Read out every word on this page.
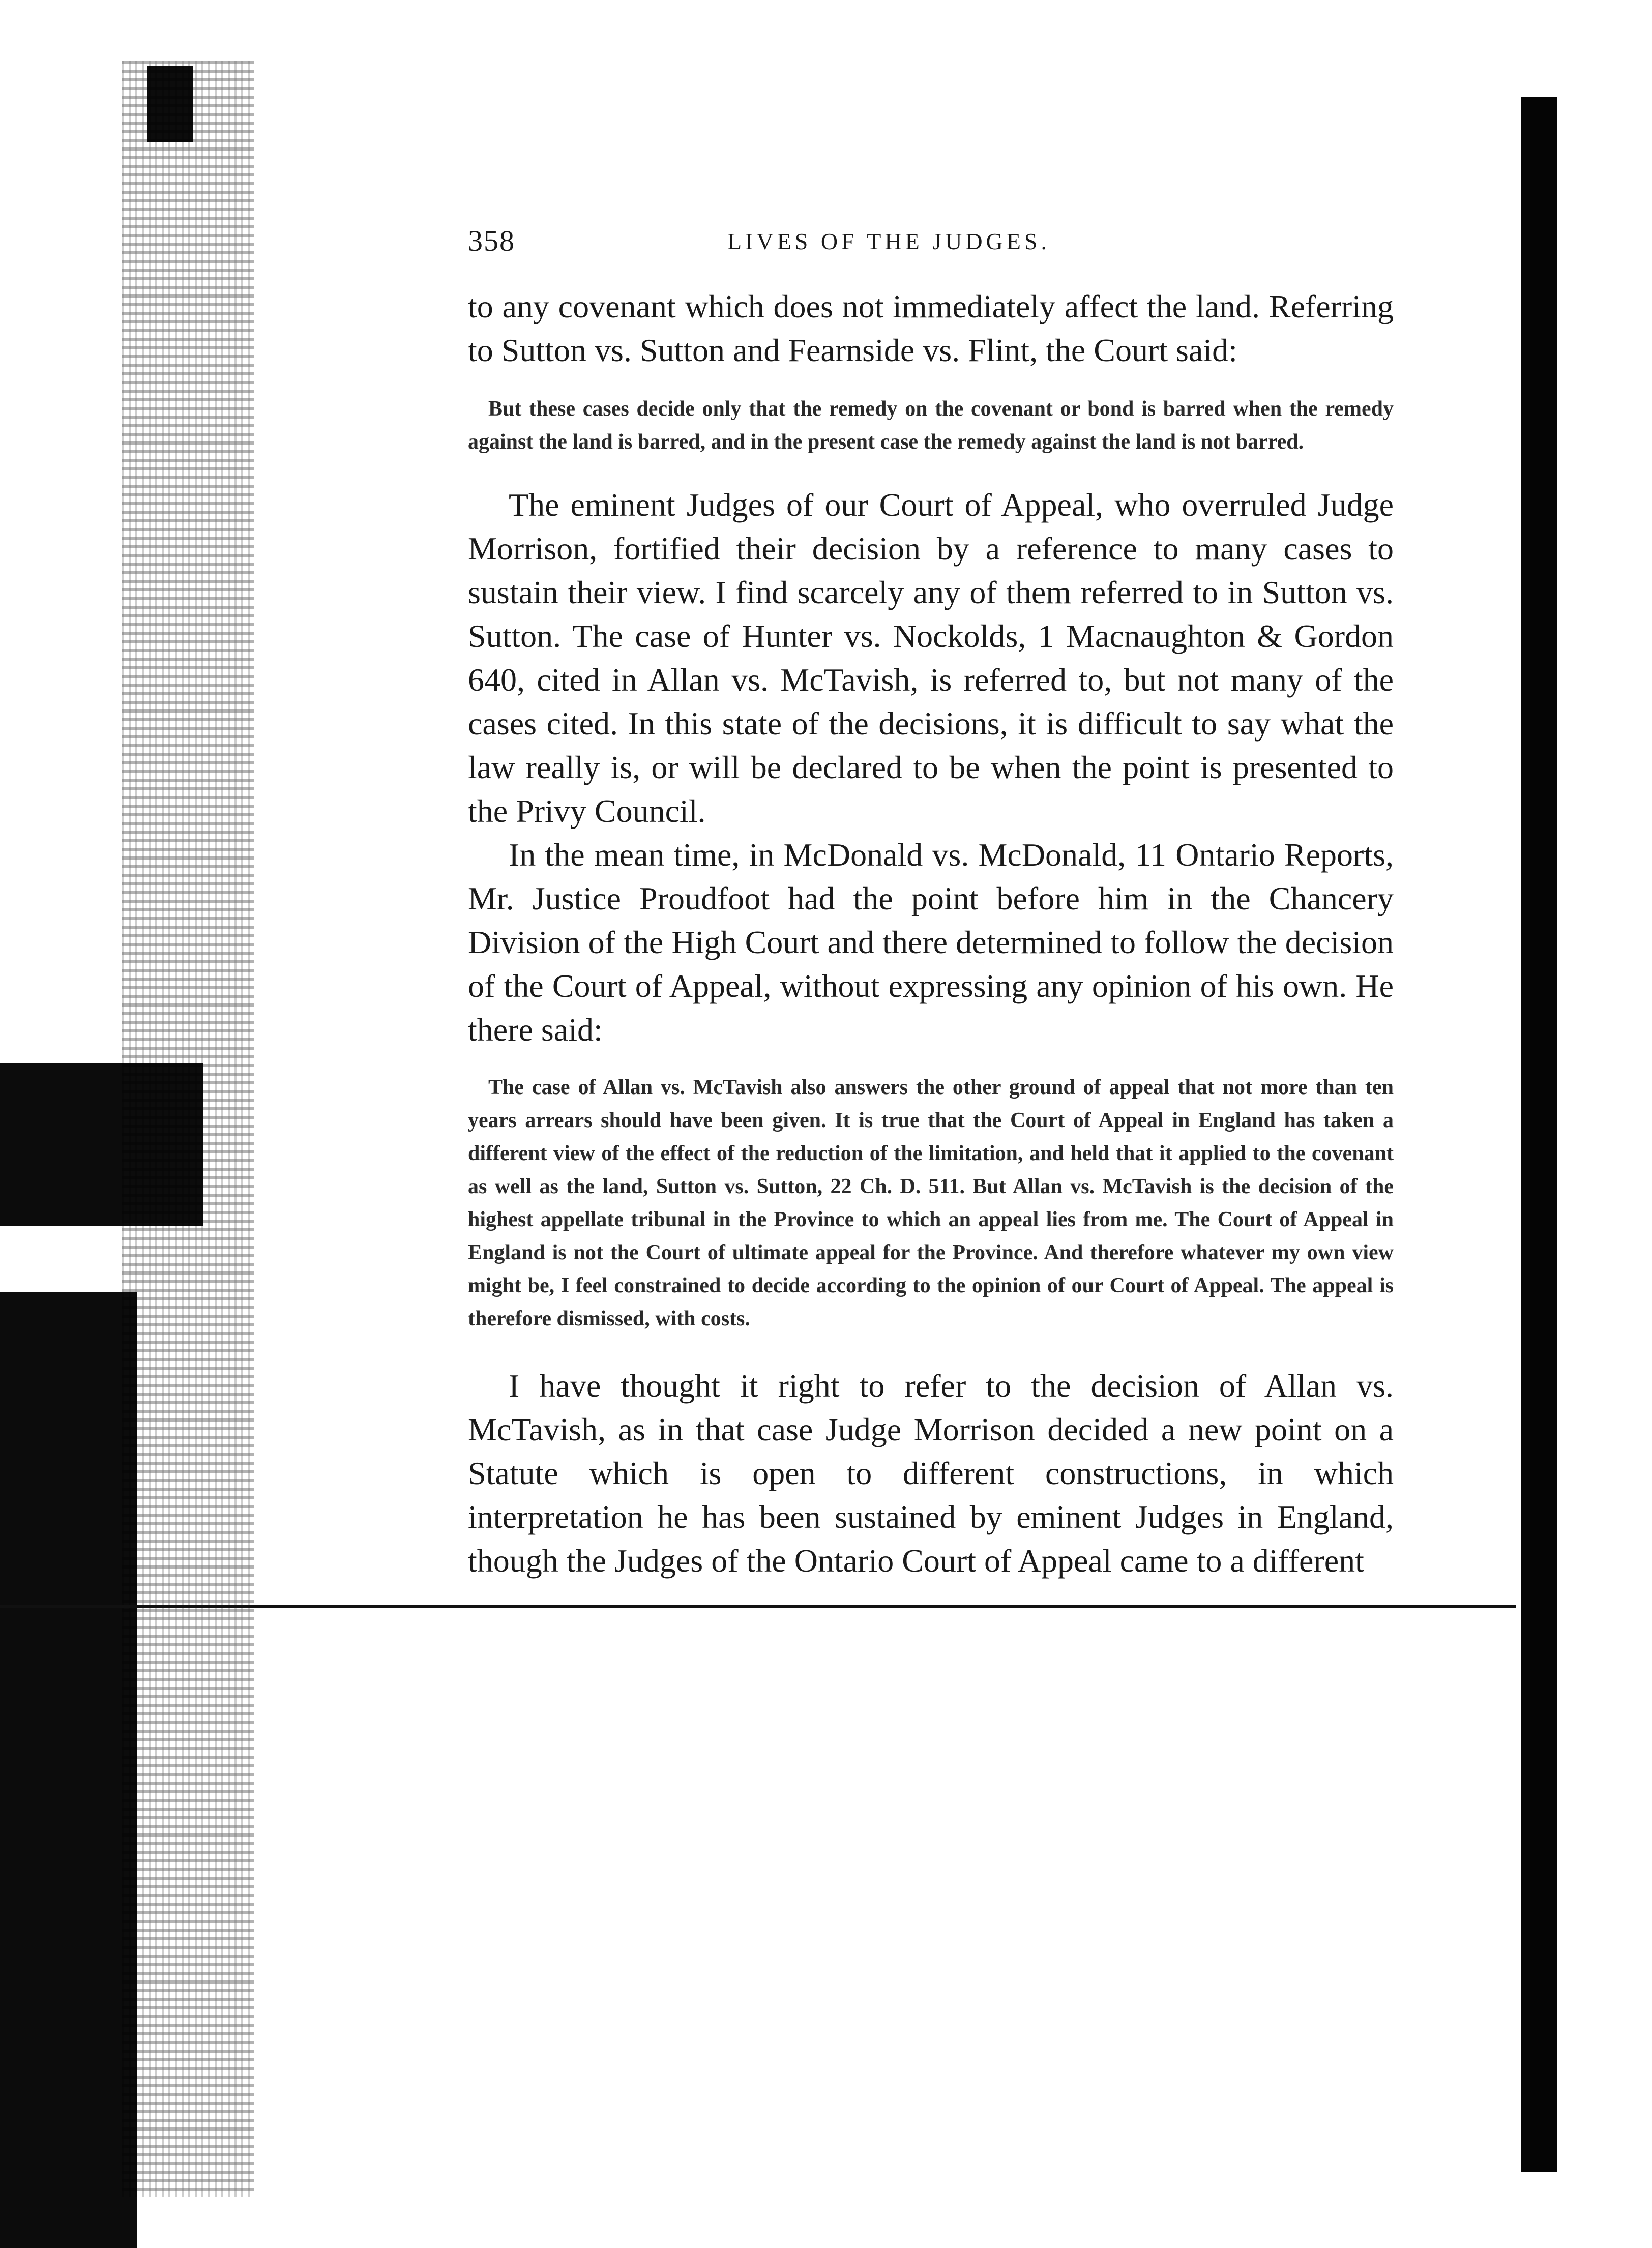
358	LIVES OF THE JUDGES.

to any covenant which does not immediately affect the land. Referring to Sutton vs. Sutton and Fearnside vs. Flint, the Court said:

But these cases decide only that the remedy on the covenant or bond is barred when the remedy against the land is barred, and in the present case the remedy against the land is not barred.

The eminent Judges of our Court of Appeal, who overruled Judge Morrison, fortified their decision by a reference to many cases to sustain their view. I find scarcely any of them referred to in Sutton vs. Sutton. The case of Hunter vs. Nockolds, 1 Macnaughton & Gordon 640, cited in Allan vs. McTavish, is referred to, but not many of the cases cited. In this state of the decisions, it is difficult to say what the law really is, or will be declared to be when the point is presented to the Privy Council.

In the mean time, in McDonald vs. McDonald, 11 Ontario Reports, Mr. Justice Proudfoot had the point before him in the Chancery Division of the High Court and there determined to follow the decision of the Court of Appeal, without expressing any opinion of his own. He there said:

The case of Allan vs. McTavish also answers the other ground of appeal that not more than ten years arrears should have been given. It is true that the Court of Appeal in England has taken a different view of the effect of the reduction of the limitation, and held that it applied to the covenant as well as the land, Sutton vs. Sutton, 22 Ch. D. 511. But Allan vs. McTavish is the decision of the highest appellate tribunal in the Province to which an appeal lies from me. The Court of Appeal in England is not the Court of ultimate appeal for the Province. And therefore whatever my own view might be, I feel constrained to decide according to the opinion of our Court of Appeal. The appeal is therefore dismissed, with costs.

I have thought it right to refer to the decision of Allan vs. McTavish, as in that case Judge Morrison decided a new point on a Statute which is open to different constructions, in which interpretation he has been sustained by eminent Judges in England, though the Judges of the Ontario Court of Appeal came to a different
